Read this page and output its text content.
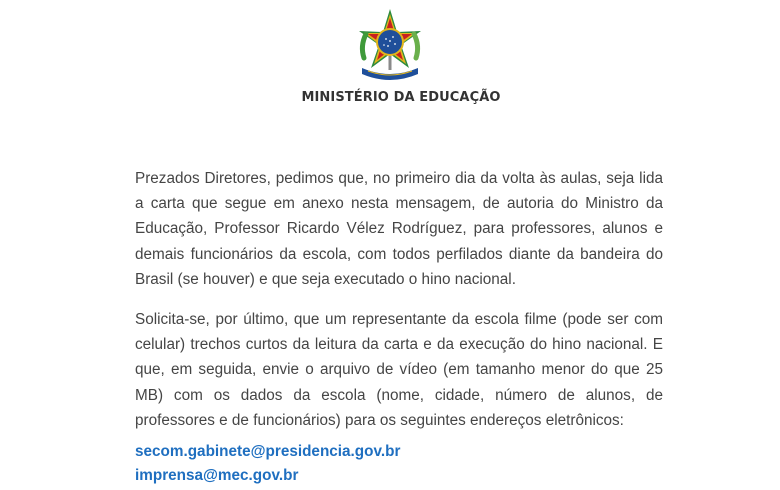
MINISTÉRIO DA EDUCAÇÃO

Prezados Diretores, pedimos que, no primeiro dia da volta às aulas, seja lida a carta que segue em anexo nesta mensagem, de autoria do Ministro da Educação, Professor Ricardo Vélez Rodríguez, para professores, alunos e demais funcionários da escola, com todos perfilados diante da bandeira do Brasil (se houver) e que seja executado o hino nacional.

Solicita-se, por último, que um representante da escola filme (pode ser com celular) trechos curtos da leitura da carta e da execução do hino nacional. E que, em seguida, envie o arquivo de vídeo (em tamanho menor do que 25 MB) com os dados da escola (nome, cidade, número de alunos, de professores e de funcionários) para os seguintes endereços eletrônicos:

secom.gabinete@presidencia.gov.br
imprensa@mec.gov.br
